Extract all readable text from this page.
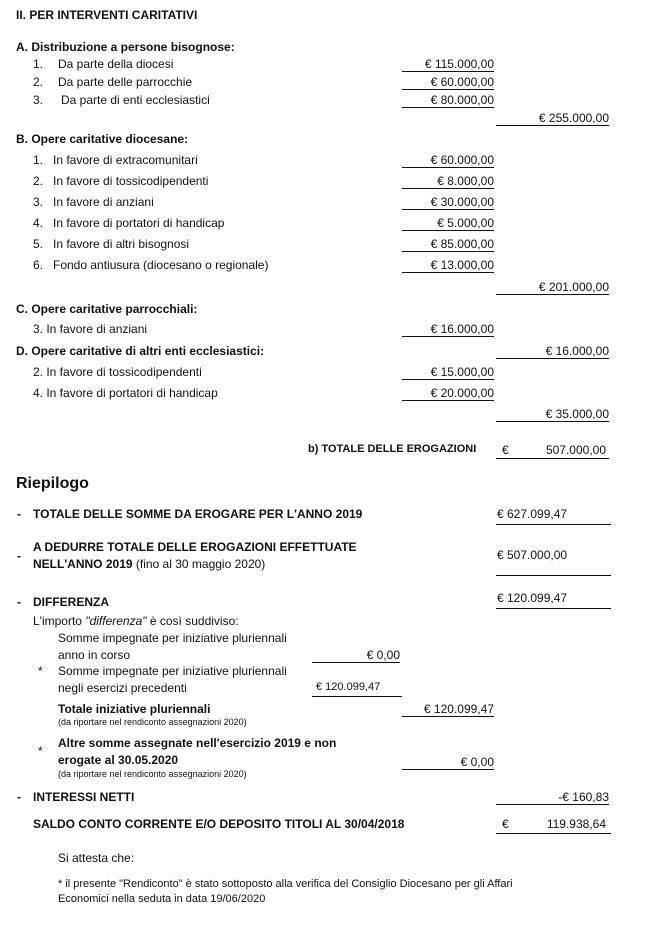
II. PER INTERVENTI CARITATIVI
A. Distribuzione a persone bisognose:
1. Da parte della diocesi	€ 115.000,00
2. Da parte delle parrocchie	€ 60.000,00
3. Da parte di enti ecclesiastici	€ 80.000,00
€ 255.000,00
B. Opere caritative diocesane:
1. In favore di extracomunitari	€ 60.000,00
2. In favore di tossicodipendenti	€ 8.000,00
3. In favore di anziani	€ 30.000,00
4. In favore di portatori di handicap	€ 5.000,00
5. In favore di altri bisognosi	€ 85.000,00
6. Fondo antiusura (diocesano o regionale)	€ 13.000,00
€ 201.000,00
C. Opere caritative parrocchiali:
3. In favore di anziani	€ 16.000,00
D. Opere caritative di altri enti ecclesiastici:	€ 16.000,00
2. In favore di tossicodipendenti	€ 15.000,00
4. In favore di portatori di handicap	€ 20.000,00
€ 35.000,00
b) TOTALE DELLE EROGAZIONI €	507.000,00
Riepilogo
- TOTALE DELLE SOMME DA EROGARE PER L'ANNO 2019	€ 627.099,47
-
A DEDURRE TOTALE DELLE EROGAZIONI EFFETTUATE
NELL'ANNO 2019 (fino al 30 maggio 2020)
€ 507.000,00
- DIFFERENZA	€ 120.099,47
L'importo "differenza" è così suddiviso:
Somme impegnate per iniziative pluriennali
anno in corso	€ 0,00
* Somme impegnate per iniziative pluriennali
negli esercizi precedenti	€ 120.099,47
Totale iniziative pluriennali
(da riportare nel rendiconto assegnazioni 2020)
€ 120.099,47
*
Altre somme assegnate nell'esercizio 2019 e non
erogate al 30.05.2020
(da riportare nel rendiconto assegnazioni 2020)
€ 0,00
- INTERESSI NETTI	-€ 160,83
SALDO CONTO CORRENTE E/O DEPOSITO TITOLI AL 30/04/2018	€	119.938,64
Si attesta che:
* il presente "Rendiconto" è stato sottoposto alla verifica del Consiglio Diocesano per gli Affari
Economici nella seduta in data 19/06/2020
